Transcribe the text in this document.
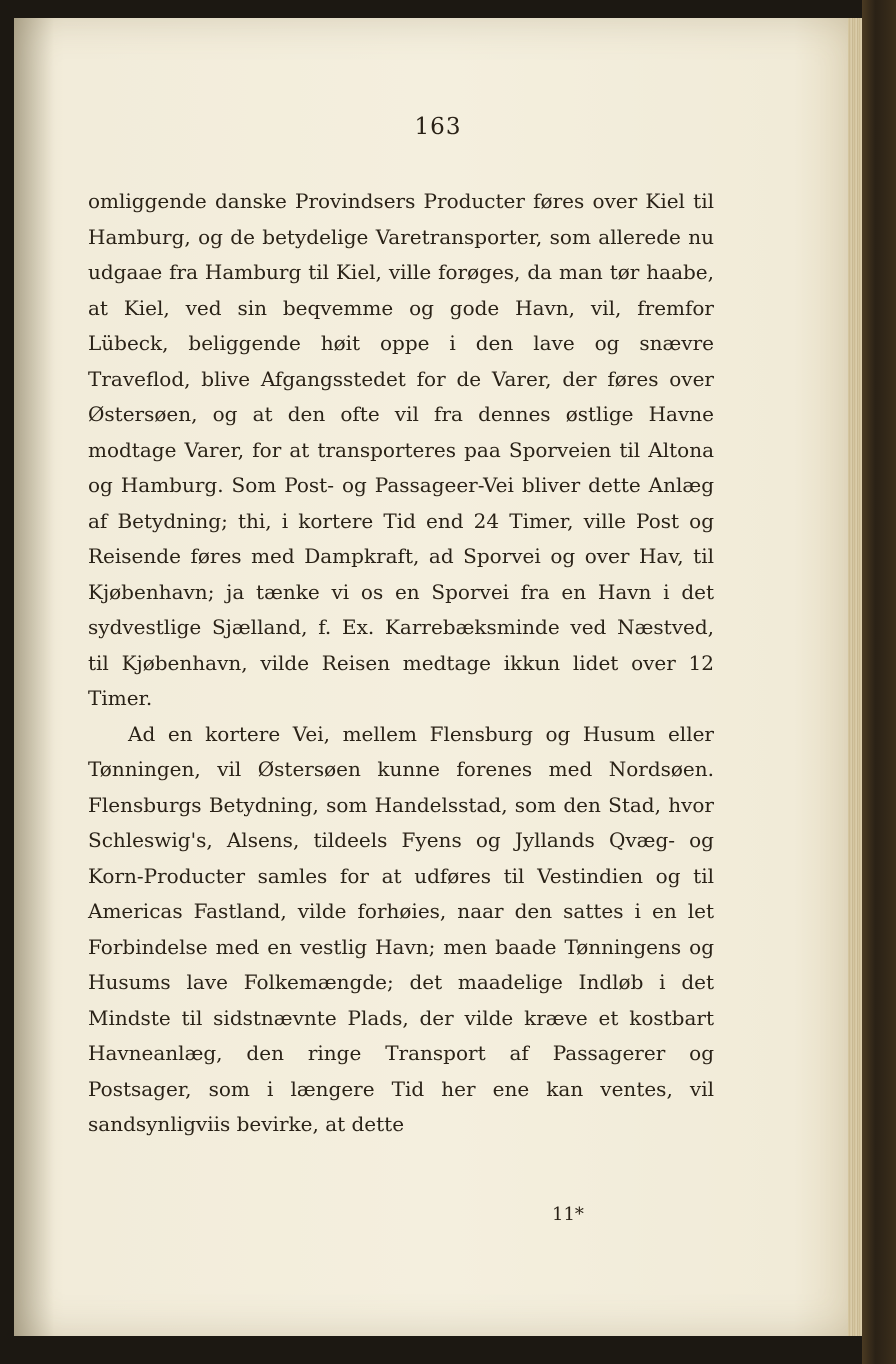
163

omliggende danske Provindsers Producter føres over Kiel til Hamburg, og de betydelige Varetransporter, som allerede nu udgaae fra Hamburg til Kiel, ville forøges, da man tør haabe, at Kiel, ved sin beqvemme og gode Havn, vil, fremfor Lübeck, beliggende høit oppe i den lave og snævre Traveflod, blive Afgangsstedet for de Varer, der føres over Østersøen, og at den ofte vil fra dennes østlige Havne modtage Varer, for at transporteres paa Sporveien til Altona og Hamburg. Som Post- og Passageer-Vei bliver dette Anlæg af Betydning; thi, i kortere Tid end 24 Timer, ville Post og Reisende føres med Dampkraft, ad Sporvei og over Hav, til Kjøbenhavn; ja tænke vi os en Sporvei fra en Havn i det sydvestlige Sjælland, f. Ex. Karrebæksminde ved Næstved, til Kjøbenhavn, vilde Reisen medtage ikkun lidet over 12 Timer.

Ad en kortere Vei, mellem Flensburg og Husum eller Tønningen, vil Østersøen kunne forenes med Nordsøen. Flensburgs Betydning, som Handelsstad, som den Stad, hvor Schleswig's, Alsens, tildeels Fyens og Jyllands Qvæg- og Korn-Producter samles for at udføres til Vestindien og til Americas Fastland, vilde forhøies, naar den sattes i en let Forbindelse med en vestlig Havn; men baade Tønningens og Husums lave Folkemængde; det maadelige Indløb i det Mindste til sidstnævnte Plads, der vilde kræve et kostbart Havneanlæg, den ringe Transport af Passagerer og Postsager, som i længere Tid her ene kan ventes, vil sandsynligviis bevirke, at dette

11*
